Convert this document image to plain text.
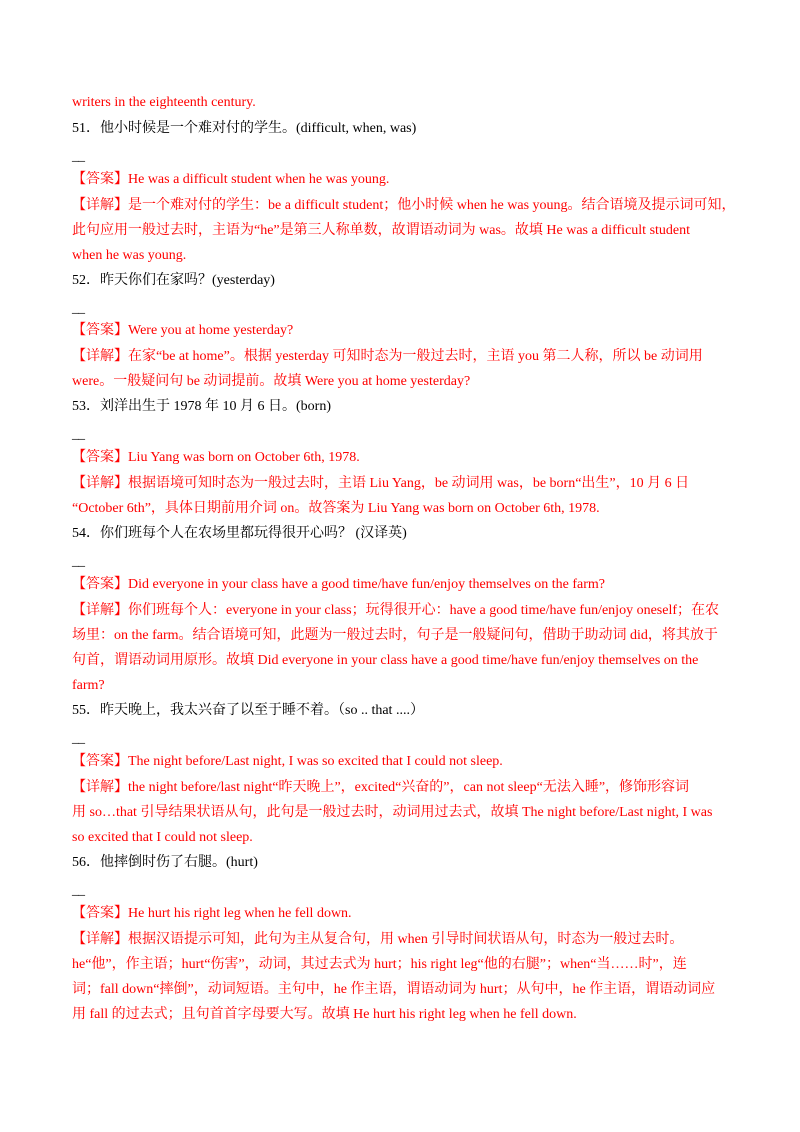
writers in the eighteenth century.
51．他小时候是一个难对付的学生。(difficult, when, was)
__
【答案】He was a difficult student when he was young.
【详解】是一个难对付的学生：be a difficult student；他小时候 when he was young。结合语境及提示词可知，
此句应用一般过去时，主语为“he”是第三人称单数，故谓语动词为 was。故填 He was a difficult student
when he was young.
52．昨天你们在家吗？(yesterday)
__
【答案】Were you at home yesterday?
【详解】在家“be at home”。根据 yesterday 可知时态为一般过去时，主语 you 第二人称，所以 be 动词用
were。一般疑问句 be 动词提前。故填 Were you at home yesterday?
53．刘洋出生于 1978 年 10 月 6 日。(born)
__
【答案】Liu Yang was born on October 6th, 1978.
【详解】根据语境可知时态为一般过去时，主语 Liu Yang，be 动词用 was，be born“出生”，10 月 6 日
“October 6th”，具体日期前用介词 on。故答案为 Liu Yang was born on October 6th, 1978.
54．你们班每个人在农场里都玩得很开心吗？ (汉译英)
__
【答案】Did everyone in your class have a good time/have fun/enjoy themselves on the farm?
【详解】你们班每个人：everyone in your class；玩得很开心：have a good time/have fun/enjoy oneself；在农
场里：on the farm。结合语境可知，此题为一般过去时，句子是一般疑问句，借助于助动词 did，将其放于
句首，谓语动词用原形。故填 Did everyone in your class have a good time/have fun/enjoy themselves on the
farm?
55．昨天晚上，我太兴奋了以至于睡不着。（so .. that ....）
__
【答案】The night before/Last night, I was so excited that I could not sleep.
【详解】the night before/last night“昨天晚上”，excited“兴奋的”，can not sleep“无法入睡”，修饰形容词
用 so…that 引导结果状语从句，此句是一般过去时，动词用过去式，故填 The night before/Last night, I was
so excited that I could not sleep.
56．他摔倒时伤了右腿。(hurt)
__
【答案】He hurt his right leg when he fell down.
【详解】根据汉语提示可知，此句为主从复合句，用 when 引导时间状语从句，时态为一般过去时。
he“他”，作主语；hurt“伤害”，动词，其过去式为 hurt；his right leg“他的右腿”；when“当……时”，连
词；fall down“摔倒”，动词短语。主句中，he 作主语，谓语动词为 hurt；从句中，he 作主语，谓语动词应
用 fall 的过去式；且句首首字母要大写。故填 He hurt his right leg when he fell down.
